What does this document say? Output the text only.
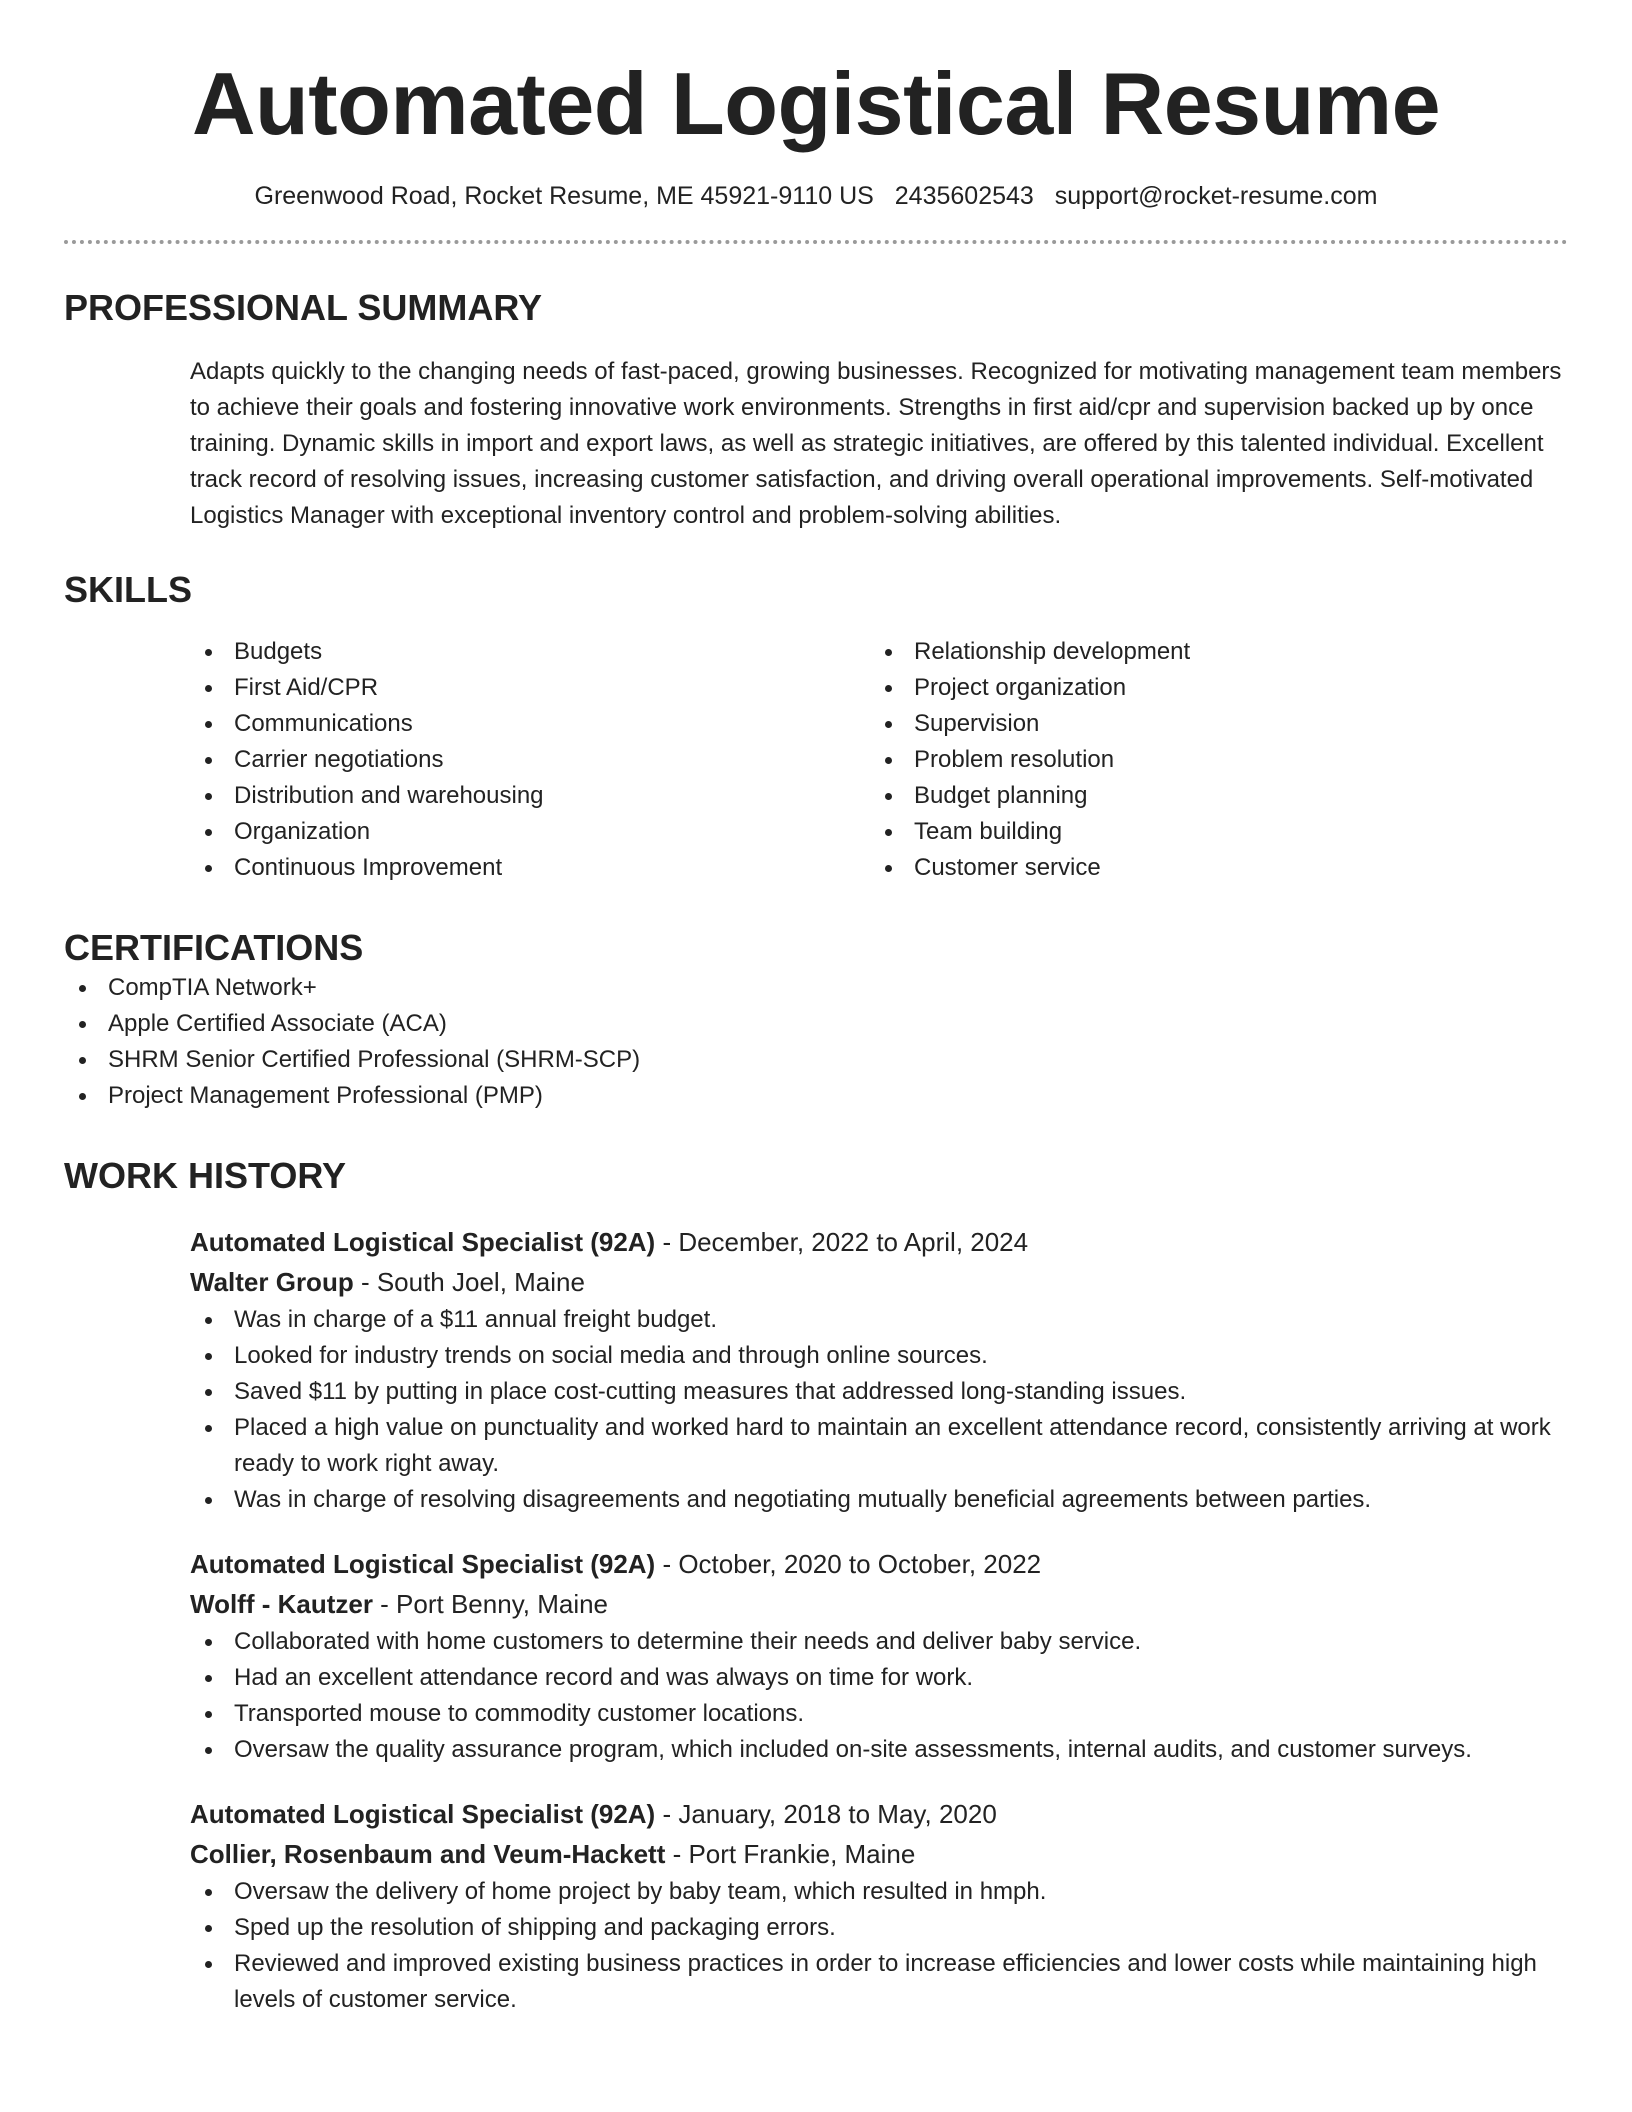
Automated Logistical Resume
Greenwood Road, Rocket Resume, ME 45921-9110 US 2435602543 support@rocket-resume.com
PROFESSIONAL SUMMARY
Adapts quickly to the changing needs of fast-paced, growing businesses. Recognized for motivating management team members to achieve their goals and fostering innovative work environments. Strengths in first aid/cpr and supervision backed up by once training. Dynamic skills in import and export laws, as well as strategic initiatives, are offered by this talented individual. Excellent track record of resolving issues, increasing customer satisfaction, and driving overall operational improvements. Self-motivated Logistics Manager with exceptional inventory control and problem-solving abilities.
SKILLS
Budgets
First Aid/CPR
Communications
Carrier negotiations
Distribution and warehousing
Organization
Continuous Improvement
Relationship development
Project organization
Supervision
Problem resolution
Budget planning
Team building
Customer service
CERTIFICATIONS
CompTIA Network+
Apple Certified Associate (ACA)
SHRM Senior Certified Professional (SHRM-SCP)
Project Management Professional (PMP)
WORK HISTORY
Automated Logistical Specialist (92A) - December, 2022 to April, 2024
Walter Group - South Joel, Maine
Was in charge of a $11 annual freight budget.
Looked for industry trends on social media and through online sources.
Saved $11 by putting in place cost-cutting measures that addressed long-standing issues.
Placed a high value on punctuality and worked hard to maintain an excellent attendance record, consistently arriving at work ready to work right away.
Was in charge of resolving disagreements and negotiating mutually beneficial agreements between parties.
Automated Logistical Specialist (92A) - October, 2020 to October, 2022
Wolff - Kautzer - Port Benny, Maine
Collaborated with home customers to determine their needs and deliver baby service.
Had an excellent attendance record and was always on time for work.
Transported mouse to commodity customer locations.
Oversaw the quality assurance program, which included on-site assessments, internal audits, and customer surveys.
Automated Logistical Specialist (92A) - January, 2018 to May, 2020
Collier, Rosenbaum and Veum-Hackett - Port Frankie, Maine
Oversaw the delivery of home project by baby team, which resulted in hmph.
Sped up the resolution of shipping and packaging errors.
Reviewed and improved existing business practices in order to increase efficiencies and lower costs while maintaining high levels of customer service.
